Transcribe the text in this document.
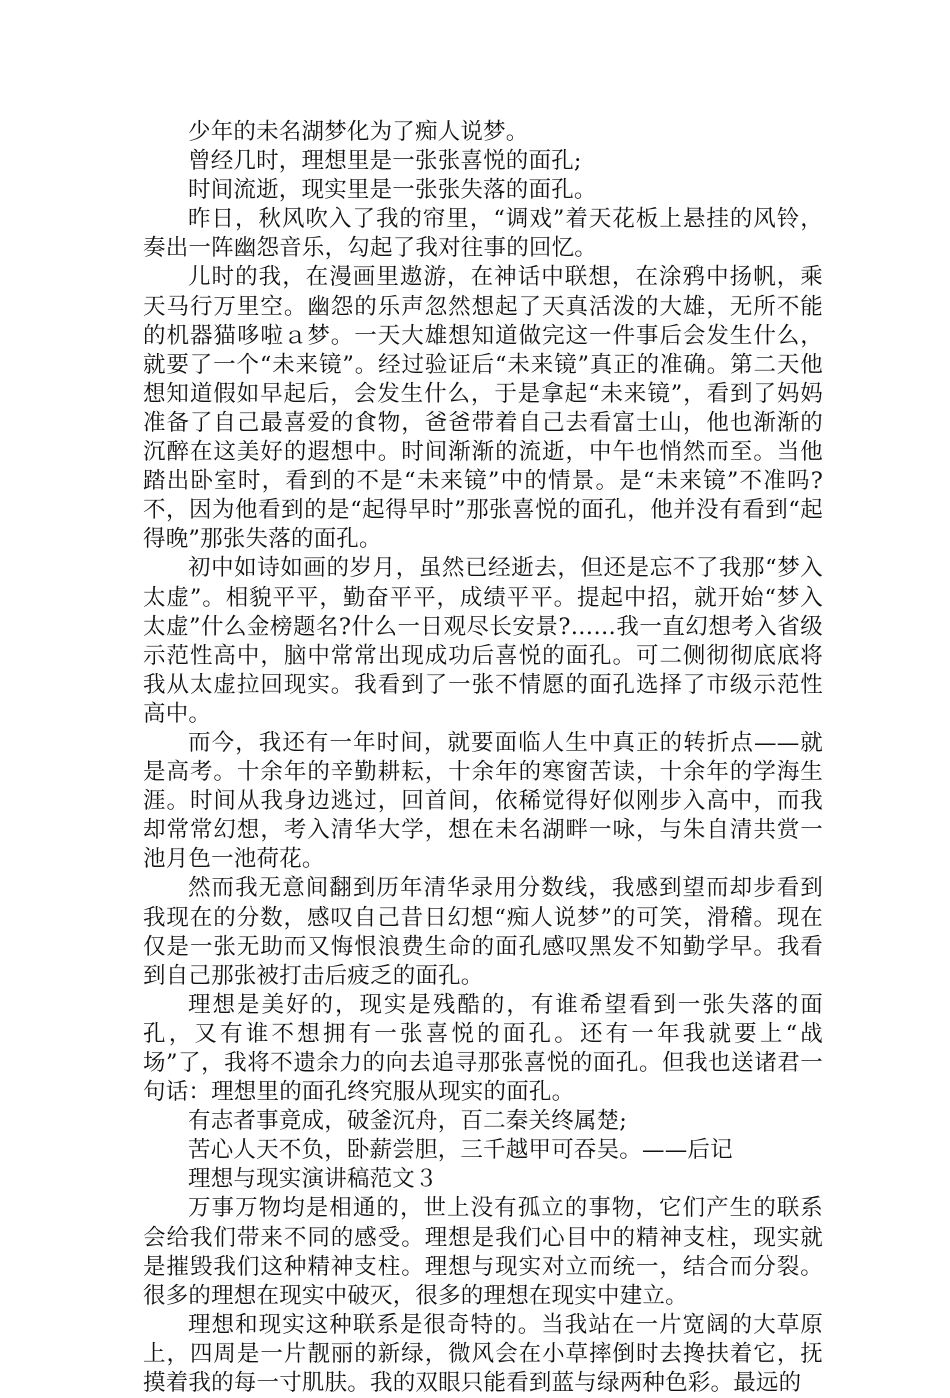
少年的未名湖梦化为了痴人说梦。

曾经几时，理想里是一张张喜悦的面孔;

时间流逝，现实里是一张张失落的面孔。

昨日，秋风吹入了我的帘里，“调戏”着天花板上悬挂的风铃，奏出一阵幽怨音乐，勾起了我对往事的回忆。

儿时的我，在漫画里遨游，在神话中联想，在涂鸦中扬帆，乘天马行万里空。幽怨的乐声忽然想起了天真活泼的大雄，无所不能的机器猫哆啦ａ梦。一天大雄想知道做完这一件事后会发生什么，就要了一个“未来镜”。经过验证后“未来镜”真正的准确。第二天他想知道假如早起后，会发生什么，于是拿起“未来镜”，看到了妈妈准备了自己最喜爱的食物，爸爸带着自己去看富士山，他也渐渐的沉醉在这美好的遐想中。时间渐渐的流逝，中午也悄然而至。当他踏出卧室时，看到的不是“未来镜”中的情景。是“未来镜”不准吗?不，因为他看到的是“起得早时”那张喜悦的面孔，他并没有看到“起得晚”那张失落的面孔。

初中如诗如画的岁月，虽然已经逝去，但还是忘不了我那“梦入太虚”。相貌平平，勤奋平平，成绩平平。提起中招，就开始“梦入太虚”什么金榜题名?什么一日观尽长安景?……我一直幻想考入省级示范性高中，脑中常常出现成功后喜悦的面孔。可二侧彻彻底底将我从太虚拉回现实。我看到了一张不情愿的面孔选择了市级示范性高中。

而今，我还有一年时间，就要面临人生中真正的转折点——就是高考。十余年的辛勤耕耘，十余年的寒窗苦读，十余年的学海生涯。时间从我身边逃过，回首间，依稀觉得好似刚步入高中，而我却常常幻想，考入清华大学，想在未名湖畔一咏，与朱自清共赏一池月色一池荷花。

然而我无意间翻到历年清华录用分数线，我感到望而却步看到我现在的分数，感叹自己昔日幻想“痴人说梦”的可笑，滑稽。现在仅是一张无助而又悔恨浪费生命的面孔感叹黑发不知勤学早。我看到自己那张被打击后疲乏的面孔。

理想是美好的，现实是残酷的，有谁希望看到一张失落的面孔，又有谁不想拥有一张喜悦的面孔。还有一年我就要上“战场”了，我将不遗余力的向去追寻那张喜悦的面孔。但我也送诸君一句话：理想里的面孔终究服从现实的面孔。

有志者事竟成，破釜沉舟，百二秦关终属楚;

苦心人天不负，卧薪尝胆，三千越甲可吞吴。——后记

理想与现实演讲稿范文３

万事万物均是相通的，世上没有孤立的事物，它们产生的联系会给我们带来不同的感受。理想是我们心目中的精神支柱，现实就是摧毁我们这种精神支柱。理想与现实对立而统一，结合而分裂。很多的理想在现实中破灭，很多的理想在现实中建立。

理想和现实这种联系是很奇特的。当我站在一片宽阔的大草原上，四周是一片靓丽的新绿，微风会在小草摔倒时去搀扶着它，抚摸着我的每一寸肌肤。我的双眼只能看到蓝与绿两种色彩。最远的
